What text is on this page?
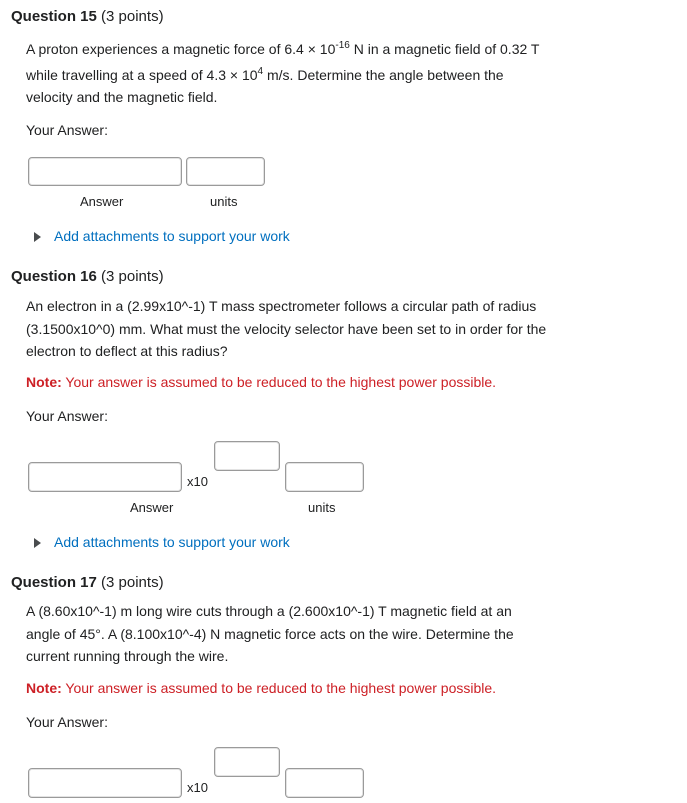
Question 15 (3 points)
A proton experiences a magnetic force of $6.4 \times 10^{-16}$ N in a magnetic field of 0.32 T
while travelling at a speed of $4.3 \times 10^4$ m/s. Determine the angle between the
velocity and the magnetic field.
Your Answer:
Answer	units
Add attachments to support your work
Question 16 (3 points)
An electron in a (2.99x10^-1) T mass spectrometer follows a circular path of radius
(3.1500x10^0) mm. What must the velocity selector have been set to in order for the
electron to deflect at this radius?
Note: Your answer is assumed to be reduced to the highest power possible.
Your Answer:
x10
Answer	units
Add attachments to support your work
Question 17 (3 points)
A (8.60x10^-1) m long wire cuts through a (2.600x10^-1) T magnetic field at an
angle of 45°. A (8.100x10^-4) N magnetic force acts on the wire. Determine the
current running through the wire.
Note: Your answer is assumed to be reduced to the highest power possible.
Your Answer:
x10
